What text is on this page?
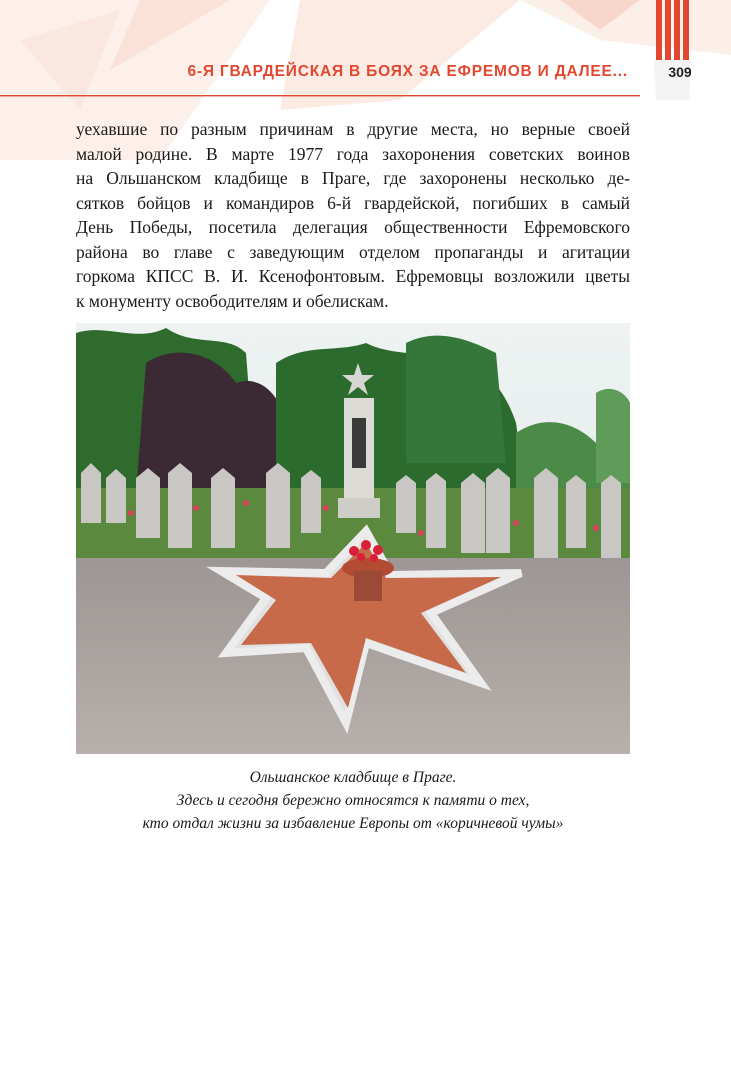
6-Я ГВАРДЕЙСКАЯ В БОЯХ ЗА ЕФРЕМОВ И ДАЛЕЕ...	309

уехавшие по разным причинам в другие места, но верные своей
малой родине. В марте 1977 года захоронения советских воинов
на Ольшанском кладбище в Праге, где захоронены несколько де-
сятков бойцов и командиров 6-й гвардейской, погибших в самый
День Победы, посетила делегация общественности Ефремовского
района во главе с заведующим отделом пропаганды и агитации
горкома КПСС В. И. Ксенофонтовым. Ефремовцы возложили цветы
к монументу освободителям и обелискам.

Ольшанское кладбище в Праге.
Здесь и сегодня бережно относятся к памяти о тех,
кто отдал жизни за избавление Европы от «коричневой чумы»
